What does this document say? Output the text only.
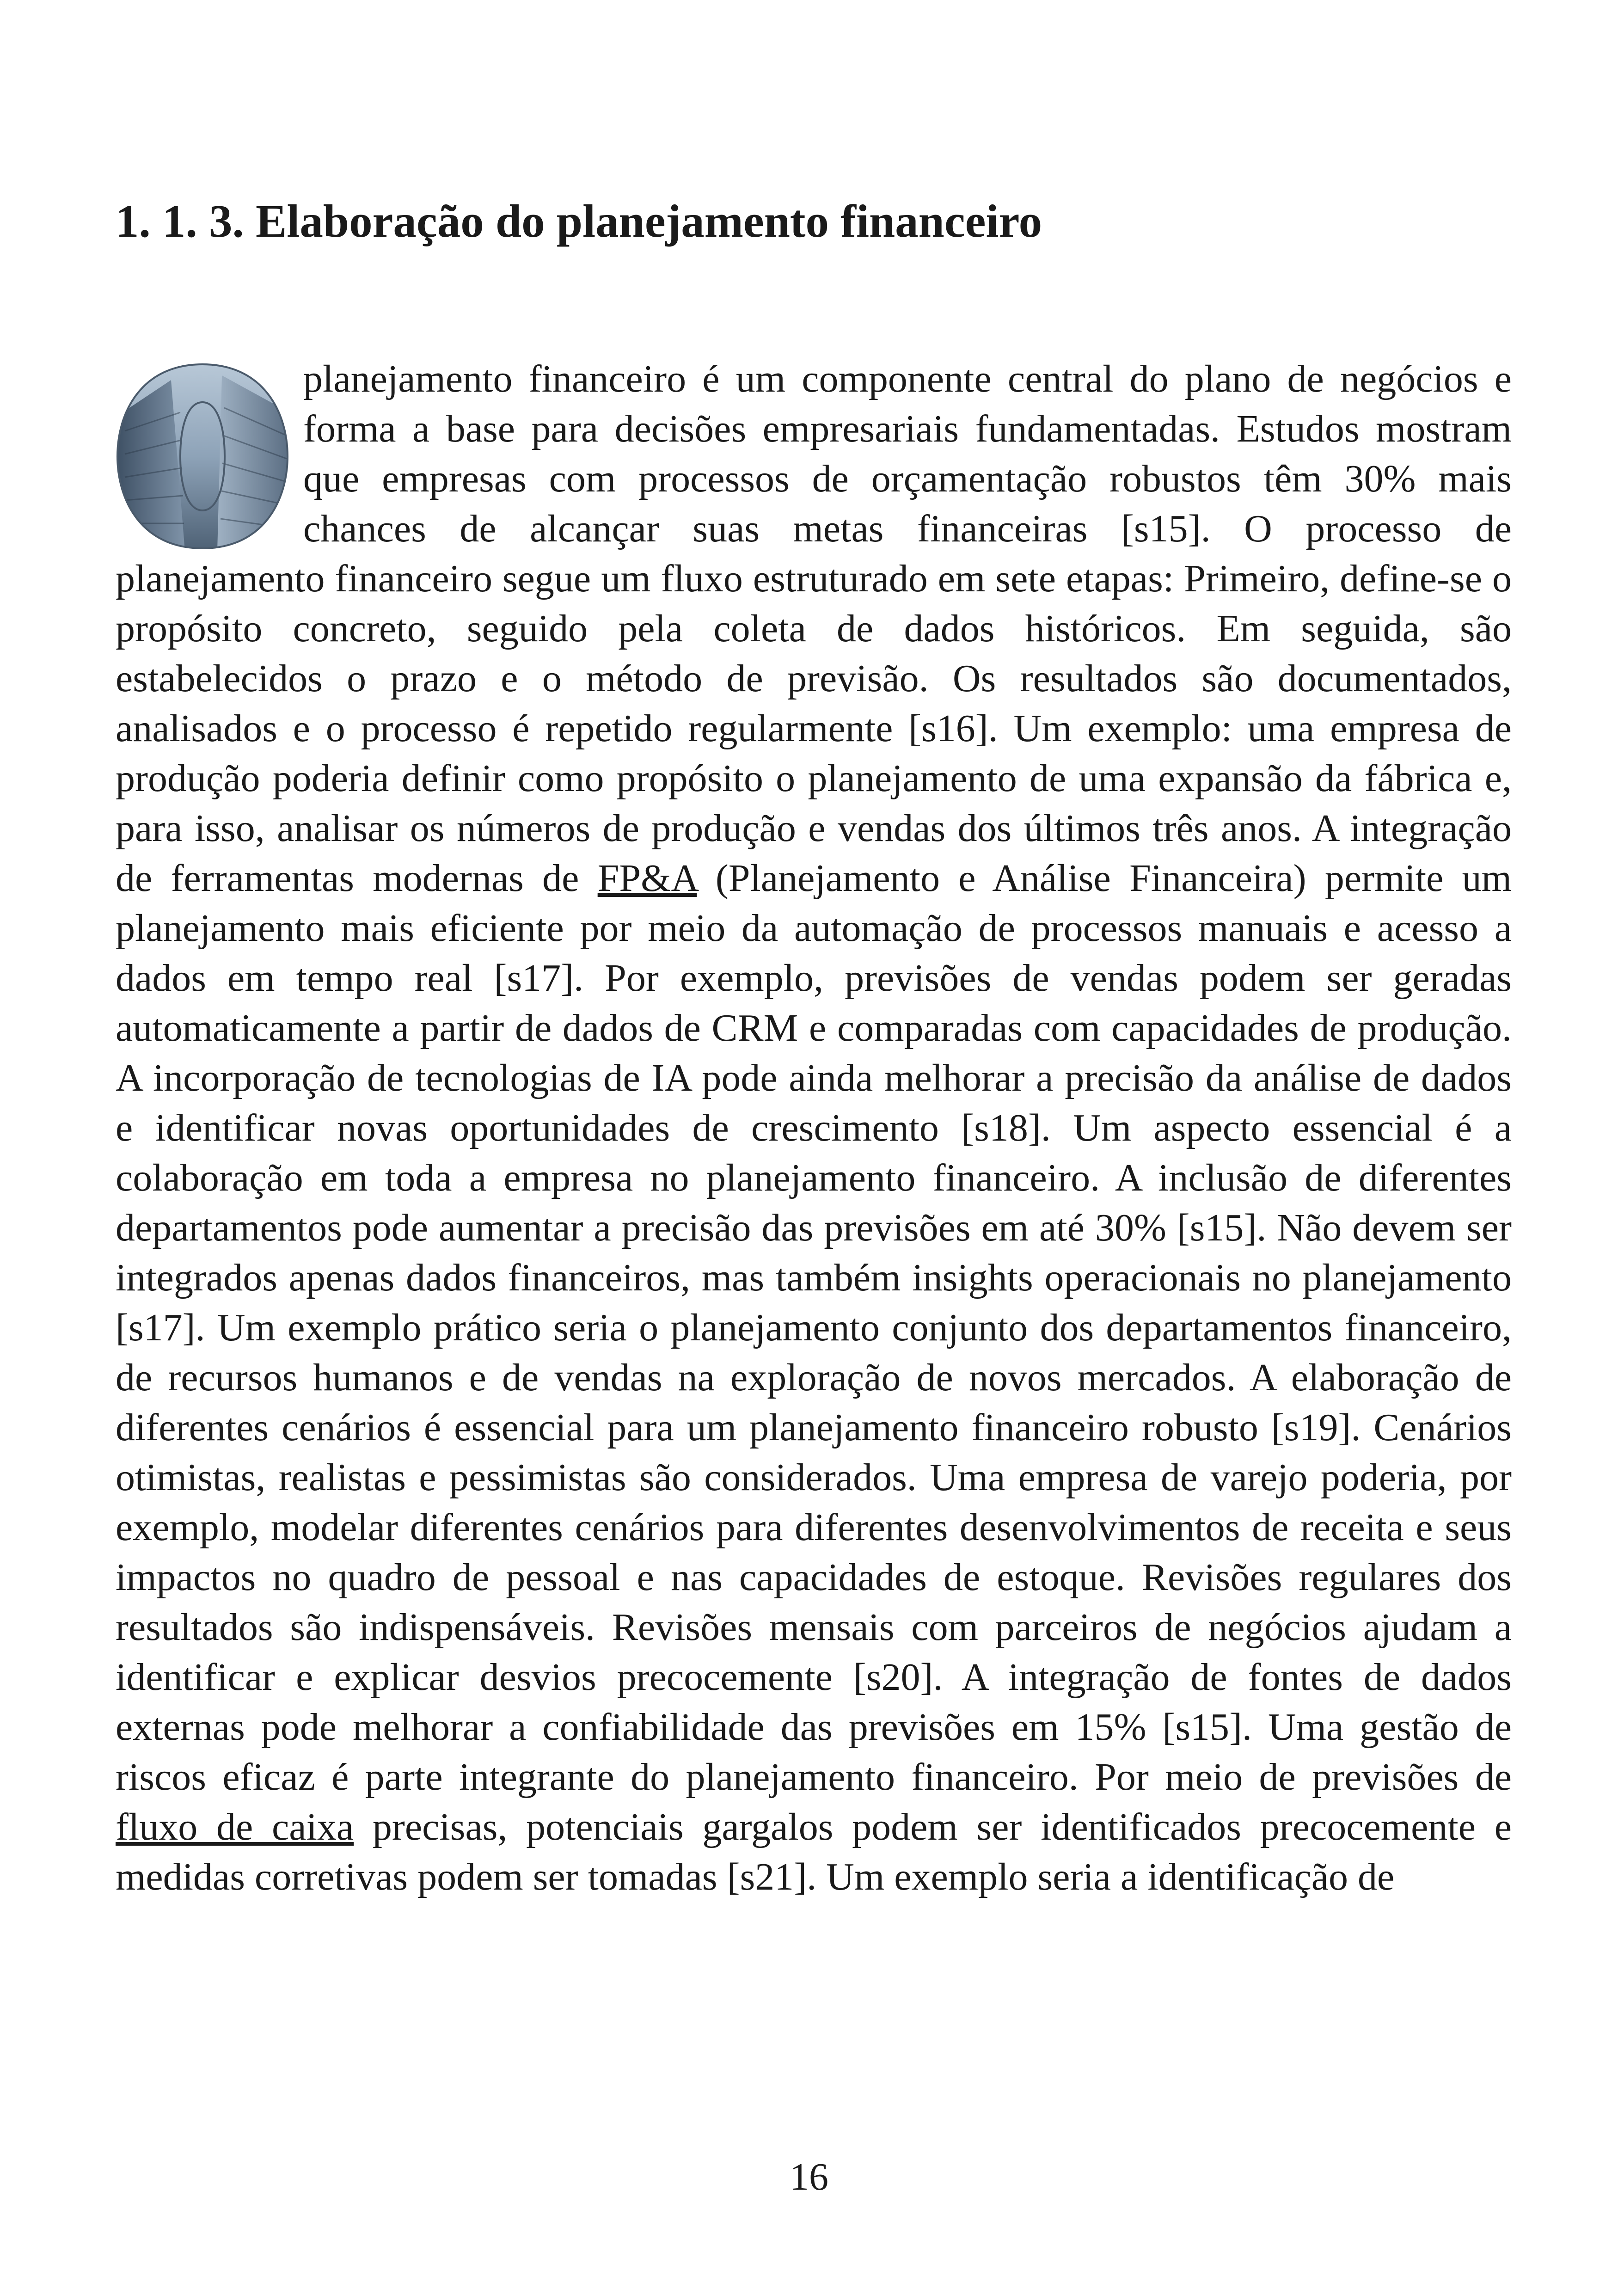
1. 1. 3. Elaboração do planejamento financeiro
planejamento financeiro é um componente central do plano de negócios e forma a base para decisões empresariais fundamentadas. Estudos mostram que empresas com processos de orçamentação robustos têm 30% mais chances de alcançar suas metas financeiras [s15]. O processo de planejamento financeiro segue um fluxo estruturado em sete etapas: Primeiro, define-se o propósito concreto, seguido pela coleta de dados históricos. Em seguida, são estabelecidos o prazo e o método de previsão. Os resultados são documentados, analisados e o processo é repetido regularmente [s16]. Um exemplo: uma empresa de produção poderia definir como propósito o planejamento de uma expansão da fábrica e, para isso, analisar os números de produção e vendas dos últimos três anos. A integração de ferramentas modernas de FP&A (Planejamento e Análise Financeira) permite um planejamento mais eficiente por meio da automação de processos manuais e acesso a dados em tempo real [s17]. Por exemplo, previsões de vendas podem ser geradas automaticamente a partir de dados de CRM e comparadas com capacidades de produção. A incorporação de tecnologias de IA pode ainda melhorar a precisão da análise de dados e identificar novas oportunidades de crescimento [s18]. Um aspecto essencial é a colaboração em toda a empresa no planejamento financeiro. A inclusão de diferentes departamentos pode aumentar a precisão das previsões em até 30% [s15]. Não devem ser integrados apenas dados financeiros, mas também insights operacionais no planejamento [s17]. Um exemplo prático seria o planejamento conjunto dos departamentos financeiro, de recursos humanos e de vendas na exploração de novos mercados. A elaboração de diferentes cenários é essencial para um planejamento financeiro robusto [s19]. Cenários otimistas, realistas e pessimistas são considerados. Uma empresa de varejo poderia, por exemplo, modelar diferentes cenários para diferentes desenvolvimentos de receita e seus impactos no quadro de pessoal e nas capacidades de estoque. Revisões regulares dos resultados são indispensáveis. Revisões mensais com parceiros de negócios ajudam a identificar e explicar desvios precocemente [s20]. A integração de fontes de dados externas pode melhorar a confiabilidade das previsões em 15% [s15]. Uma gestão de riscos eficaz é parte integrante do planejamento financeiro. Por meio de previsões de fluxo de caixa precisas, potenciais gargalos podem ser identificados precocemente e medidas corretivas podem ser tomadas [s21]. Um exemplo seria a identificação de
16
